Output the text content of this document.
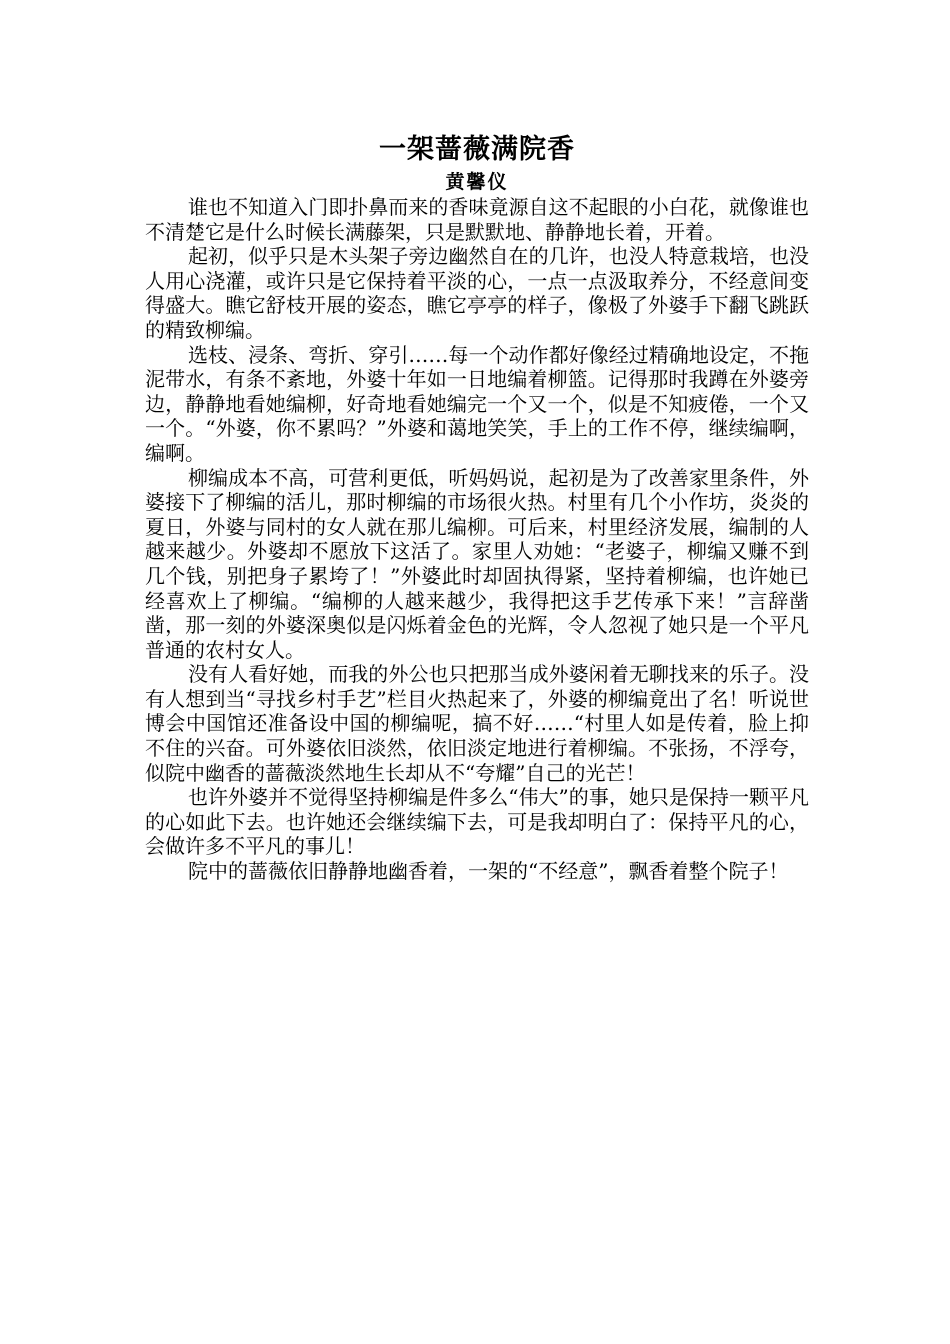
一架蔷薇满院香

黄馨仪

谁也不知道入门即扑鼻而来的香味竟源自这不起眼的小白花，就像谁也不清楚它是什么时候长满藤架，只是默默地、静静地长着，开着。

起初，似乎只是木头架子旁边幽然自在的几许，也没人特意栽培，也没人用心浇灌，或许只是它保持着平淡的心，一点一点汲取养分，不经意间变得盛大。瞧它舒枝开展的姿态，瞧它亭亭的样子，像极了外婆手下翻飞跳跃的精致柳编。

选枝、浸条、弯折、穿引……每一个动作都好像经过精确地设定，不拖泥带水，有条不紊地，外婆十年如一日地编着柳篮。记得那时我蹲在外婆旁边，静静地看她编柳，好奇地看她编完一个又一个，似是不知疲倦，一个又一个。“外婆，你不累吗？”外婆和蔼地笑笑，手上的工作不停，继续编啊，编啊。

柳编成本不高，可营利更低，听妈妈说，起初是为了改善家里条件，外婆接下了柳编的活儿，那时柳编的市场很火热。村里有几个小作坊，炎炎的夏日，外婆与同村的女人就在那儿编柳。可后来，村里经济发展，编制的人越来越少。外婆却不愿放下这活了。家里人劝她：“老婆子，柳编又赚不到几个钱，别把身子累垮了！”外婆此时却固执得紧，坚持着柳编，也许她已经喜欢上了柳编。“编柳的人越来越少，我得把这手艺传承下来！”言辞凿凿，那一刻的外婆深奥似是闪烁着金色的光辉，令人忽视了她只是一个平凡普通的农村女人。

没有人看好她，而我的外公也只把那当成外婆闲着无聊找来的乐子。没有人想到当“寻找乡村手艺”栏目火热起来了，外婆的柳编竟出了名！听说世博会中国馆还准备设中国的柳编呢，搞不好……“村里人如是传着，脸上抑不住的兴奋。可外婆依旧淡然，依旧淡定地进行着柳编。不张扬，不浮夸，似院中幽香的蔷薇淡然地生长却从不“夸耀”自己的光芒！

也许外婆并不觉得坚持柳编是件多么“伟大”的事，她只是保持一颗平凡的心如此下去。也许她还会继续编下去，可是我却明白了：保持平凡的心，会做许多不平凡的事儿！

院中的蔷薇依旧静静地幽香着，一架的“不经意”，飘香着整个院子！
